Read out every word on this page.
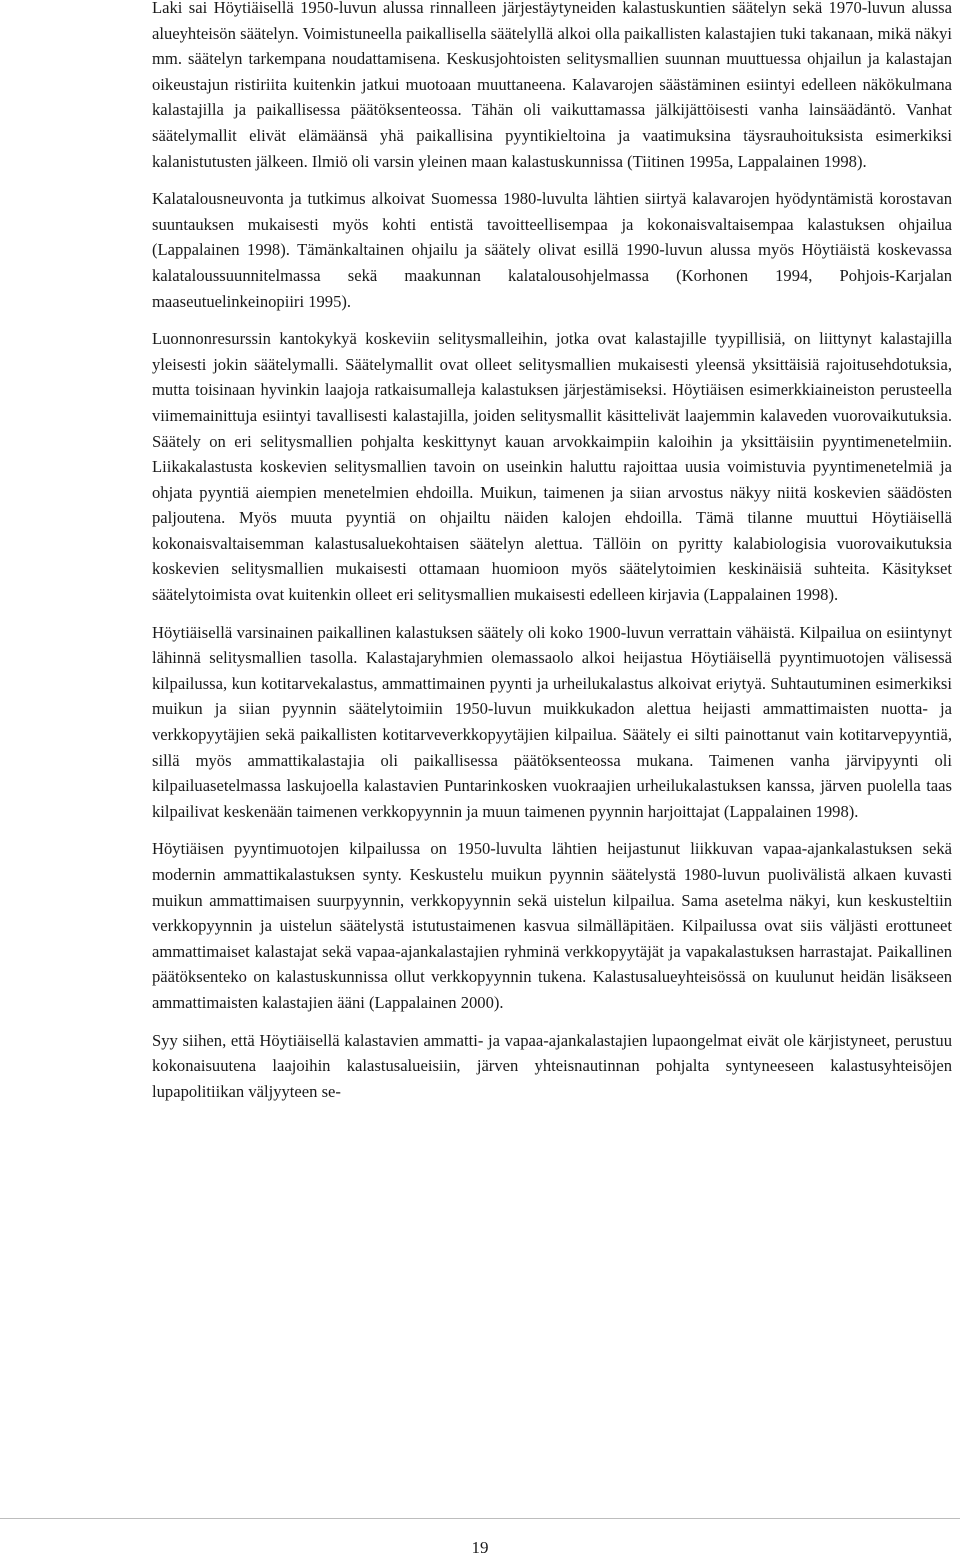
Laki sai Höytiäisellä 1950-luvun alussa rinnalleen järjestäytyneiden kalastuskuntien säätelyn sekä 1970-luvun alussa alueyhteisön säätelyn. Voimistuneella paikallisella säätelyllä alkoi olla paikallisten kalastajien tuki takanaan, mikä näkyi mm. säätelyn tarkempana noudattamisena. Keskusjohtoisten selitysmallien suunnan muuttuessa ohjailun ja kalastajan oikeustajun ristiriita kuitenkin jatkui muotoaan muuttaneena. Kalavarojen säästäminen esiintyi edelleen näkökulmana kalastajilla ja paikallisessa päätöksenteossa. Tähän oli vaikuttamassa jälkijättöisesti vanha lainsäädäntö. Vanhat säätelymallit elivät elämäänsä yhä paikallisina pyyntikieltoina ja vaatimuksina täysrauhoituksista esimerkiksi kalanistutusten jälkeen. Ilmiö oli varsin yleinen maan kalastuskunnissa (Tiitinen 1995a, Lappalainen 1998).

Kalatalousneuvonta ja tutkimus alkoivat Suomessa 1980-luvulta lähtien siirtyä kalavarojen hyödyntämistä korostavan suuntauksen mukaisesti myös kohti entistä tavoitteellisempaa ja kokonaisvaltaisempaa kalastuksen ohjailua (Lappalainen 1998). Tämänkaltainen ohjailu ja säätely olivat esillä 1990-luvun alussa myös Höytiäistä koskevassa kalataloussuunnitelmassa sekä maakunnan kalatalousohjelmassa (Korhonen 1994, Pohjois-Karjalan maaseutuelinkeinopiiri 1995).

Luonnonresurssin kantokykyä koskeviin selitysmalleihin, jotka ovat kalastajille tyypillisiä, on liittynyt kalastajilla yleisesti jokin säätelymalli. Säätelymallit ovat olleet selitysmallien mukaisesti yleensä yksittäisiä rajoitusehdotuksia, mutta toisinaan hyvinkin laajoja ratkaisumalleja kalastuksen järjestämiseksi. Höytiäisen esimerkkiaineiston perusteella viimemainittuja esiintyi tavallisesti kalastajilla, joiden selitysmallit käsittelivät laajemmin kalaveden vuorovaikutuksia. Säätely on eri selitysmallien pohjalta keskittynyt kauan arvokkaimpiin kaloihin ja yksittäisiin pyyntimenetelmiin. Liikakalastusta koskevien selitysmallien tavoin on useinkin haluttu rajoittaa uusia voimistuvia pyyntimenetelmiä ja ohjata pyyntiä aiempien menetelmien ehdoilla. Muikun, taimenen ja siian arvostus näkyy niitä koskevien säädösten paljoutena. Myös muuta pyyntiä on ohjailtu näiden kalojen ehdoilla. Tämä tilanne muuttui Höytiäisellä kokonaisvaltaisemman kalastusaluekohtaisen säätelyn alettua. Tällöin on pyritty kalabiologisia vuorovaikutuksia koskevien selitysmallien mukaisesti ottamaan huomioon myös säätelytoimien keskinäisiä suhteita. Käsitykset säätelytoimista ovat kuitenkin olleet eri selitysmallien mukaisesti edelleen kirjavia (Lappalainen 1998).

Höytiäisellä varsinainen paikallinen kalastuksen säätely oli koko 1900-luvun verrattain vähäistä. Kilpailua on esiintynyt lähinnä selitysmallien tasolla. Kalastajaryhmien olemassaolo alkoi heijastua Höytiäisellä pyyntimuotojen välisessä kilpailussa, kun kotitarvekalastus, ammattimainen pyynti ja urheilukalastus alkoivat eriytyä. Suhtautuminen esimerkiksi muikun ja siian pyynnin säätelytoimiin 1950-luvun muikkukadon alettua heijasti ammattimaisten nuotta- ja verkkopyytäjien sekä paikallisten kotitarveverkkopyytäjien kilpailua. Säätely ei silti painottanut vain kotitarvepyyntiä, sillä myös ammattikalastajia oli paikallisessa päätöksenteossa mukana. Taimenen vanha järvipyynti oli kilpailuasetelmassa laskujoella kalastavien Puntarinkosken vuokraajien urheilukalastuksen kanssa, järven puolella taas kilpailivat keskenään taimenen verkkopyynnin ja muun taimenen pyynnin harjoittajat (Lappalainen 1998).

Höytiäisen pyyntimuotojen kilpailussa on 1950-luvulta lähtien heijastunut liikkuvan vapaa-ajankalastuksen sekä modernin ammattikalastuksen synty. Keskustelu muikun pyynnin säätelystä 1980-luvun puolivälistä alkaen kuvasti muikun ammattimaisen suurpyynnin, verkkopyynnin sekä uistelun kilpailua. Sama asetelma näkyi, kun keskusteltiin verkkopyynnin ja uistelun säätelystä istutustaimenen kasvua silmälläpitäen. Kilpailussa ovat siis väljästi erottuneet ammattimaiset kalastajat sekä vapaa-ajankalastajien ryhminä verkkopyytäjät ja vapakalastuksen harrastajat. Paikallinen päätöksenteko on kalastuskunnissa ollut verkkopyynnin tukena. Kalastusalueyhteisössä on kuulunut heidän lisäkseen ammattimaisten kalastajien ääni (Lappalainen 2000).

Syy siihen, että Höytiäisellä kalastavien ammatti- ja vapaa-ajankalastajien lupaongelmat eivät ole kärjistyneet, perustuu kokonaisuutena laajoihin kalastusalueisiin, järven yhteisnautinnan pohjalta syntyneeseen kalastusyhteisöjen lupapolitiikan väljyyteen se-

19
